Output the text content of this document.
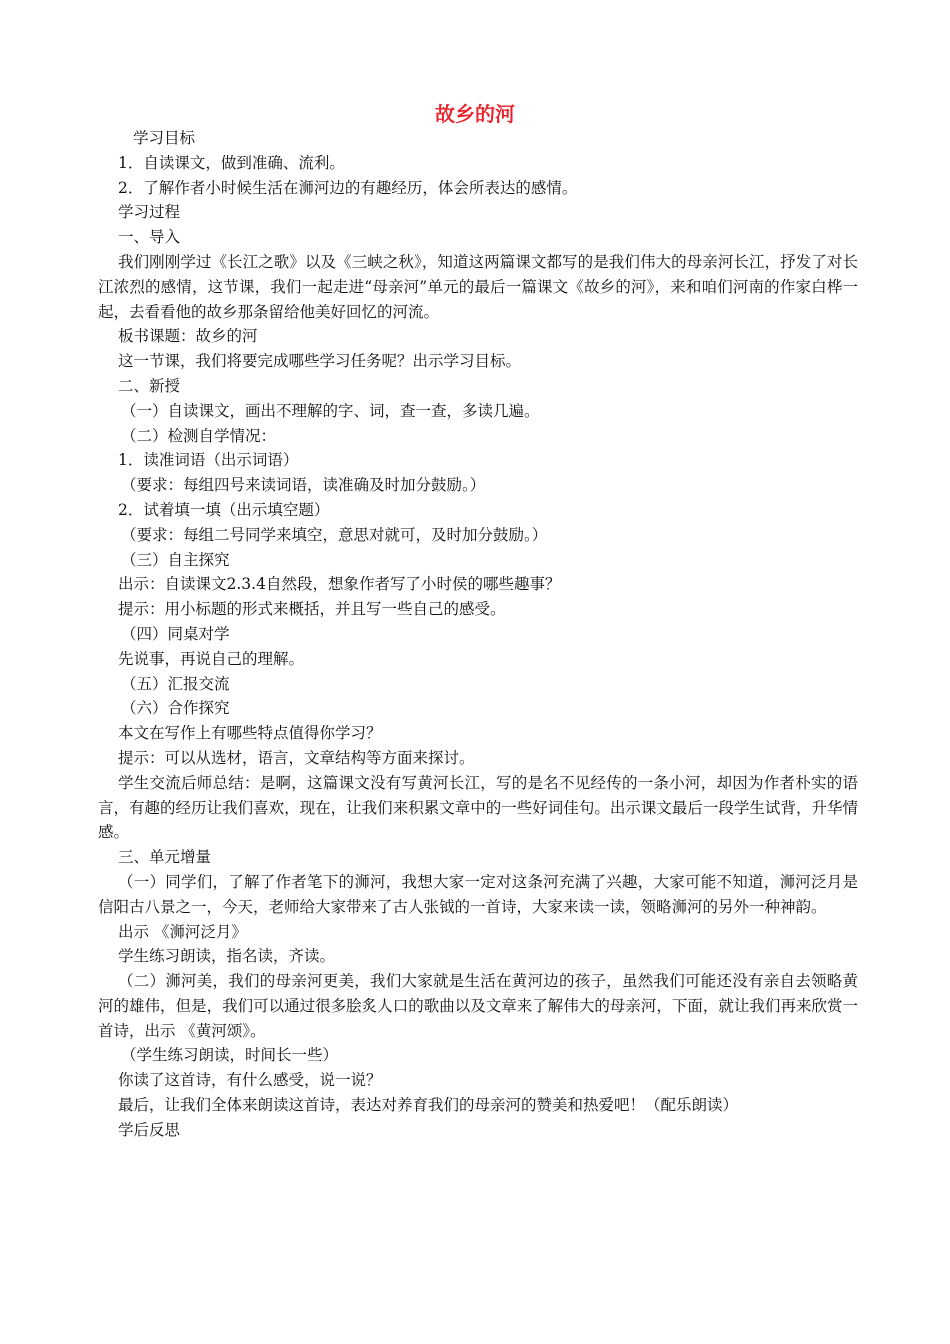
故乡的河
学习目标
1．自读课文，做到准确、流利。
2．了解作者小时候生活在浉河边的有趣经历，体会所表达的感情。
学习过程
一、导入
我们刚刚学过《长江之歌》以及《三峡之秋》，知道这两篇课文都写的是我们伟大的母亲河长江，抒发了对长江浓烈的感情，这节课，我们一起走进“母亲河”单元的最后一篇课文《故乡的河》，来和咱们河南的作家白桦一起，去看看他的故乡那条留给他美好回忆的河流。
板书课题：故乡的河
这一节课，我们将要完成哪些学习任务呢？出示学习目标。
二、新授
（一）自读课文，画出不理解的字、词，查一查，多读几遍。
（二）检测自学情况：
1．读准词语（出示词语）
（要求：每组四号来读词语，读准确及时加分鼓励。）
2．试着填一填（出示填空题）
（要求：每组二号同学来填空，意思对就可，及时加分鼓励。）
（三）自主探究
出示：自读课文2.3.4自然段，想象作者写了小时侯的哪些趣事？
提示：用小标题的形式来概括，并且写一些自己的感受。
（四）同桌对学
先说事，再说自己的理解。
（五）汇报交流
（六）合作探究
本文在写作上有哪些特点值得你学习？
提示：可以从选材，语言，文章结构等方面来探讨。
学生交流后师总结：是啊，这篇课文没有写黄河长江，写的是名不见经传的一条小河，却因为作者朴实的语言，有趣的经历让我们喜欢，现在，让我们来积累文章中的一些好词佳句。出示课文最后一段学生试背，升华情感。
三、单元增量
（一）同学们，了解了作者笔下的浉河，我想大家一定对这条河充满了兴趣，大家可能不知道，浉河泛月是信阳古八景之一，今天，老师给大家带来了古人张钺的一首诗，大家来读一读，领略浉河的另外一种神韵。
出示 《浉河泛月》
学生练习朗读，指名读，齐读。
（二）浉河美，我们的母亲河更美，我们大家就是生活在黄河边的孩子，虽然我们可能还没有亲自去领略黄河的雄伟，但是，我们可以通过很多脍炙人口的歌曲以及文章来了解伟大的母亲河，下面，就让我们再来欣赏一首诗，出示 《黄河颂》。
（学生练习朗读，时间长一些）
你读了这首诗，有什么感受，说一说？
最后，让我们全体来朗读这首诗，表达对养育我们的母亲河的赞美和热爱吧！（配乐朗读）
学后反思
